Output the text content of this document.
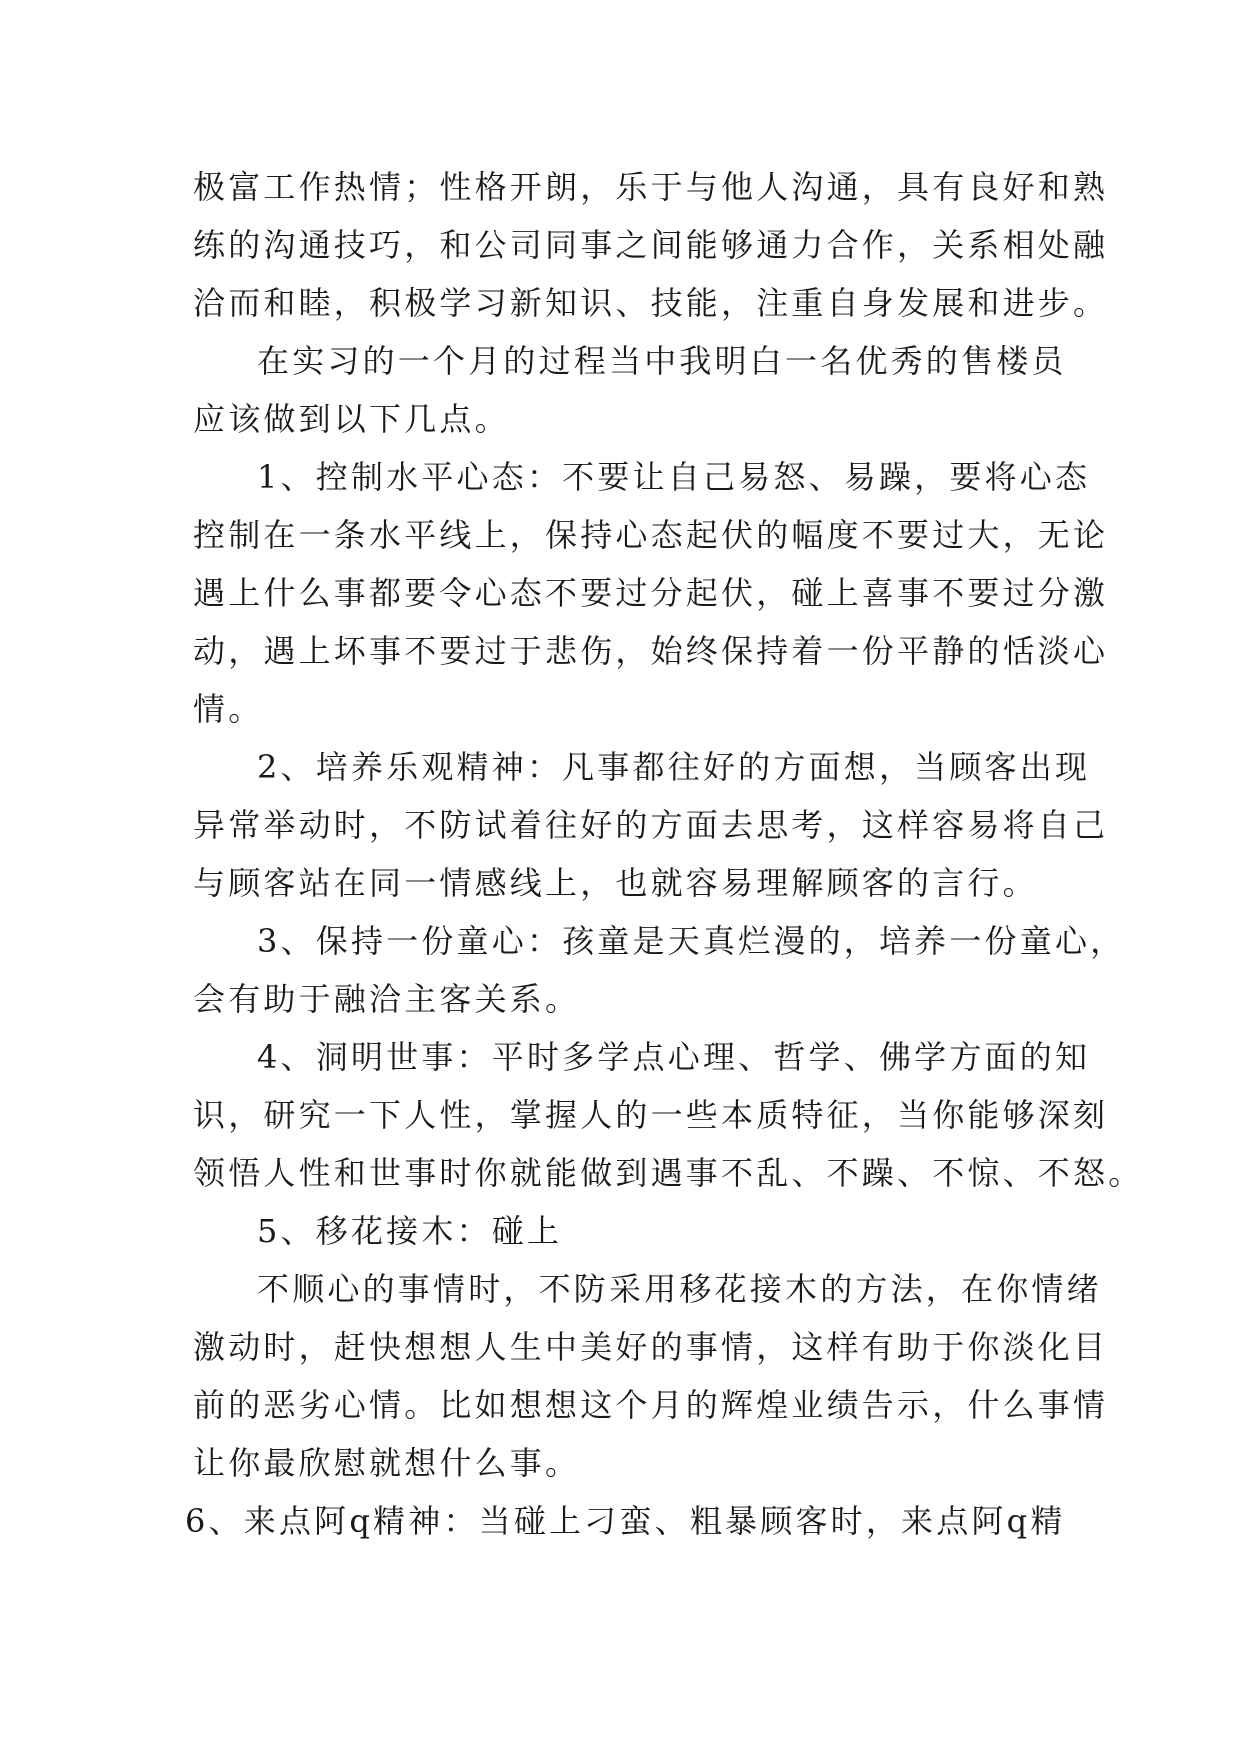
极富工作热情；性格开朗，乐于与他人沟通，具有良好和熟
练的沟通技巧，和公司同事之间能够通力合作，关系相处融
洽而和睦，积极学习新知识、技能，注重自身发展和进步。
在实习的一个月的过程当中我明白一名优秀的售楼员
应该做到以下几点。
1、控制水平心态：不要让自己易怒、易躁，要将心态
控制在一条水平线上，保持心态起伏的幅度不要过大，无论
遇上什么事都要令心态不要过分起伏，碰上喜事不要过分激
动，遇上坏事不要过于悲伤，始终保持着一份平静的恬淡心
情。
2、培养乐观精神：凡事都往好的方面想，当顾客出现
异常举动时，不防试着往好的方面去思考，这样容易将自己
与顾客站在同一情感线上，也就容易理解顾客的言行。
3、保持一份童心：孩童是天真烂漫的，培养一份童心，
会有助于融洽主客关系。
4、洞明世事：平时多学点心理、哲学、佛学方面的知
识，研究一下人性，掌握人的一些本质特征，当你能够深刻
领悟人性和世事时你就能做到遇事不乱、不躁、不惊、不怒。
5、移花接木：碰上
不顺心的事情时，不防采用移花接木的方法，在你情绪
激动时，赶快想想人生中美好的事情，这样有助于你淡化目
前的恶劣心情。比如想想这个月的辉煌业绩告示，什么事情
让你最欣慰就想什么事。
6、来点阿q精神：当碰上刁蛮、粗暴顾客时，来点阿q精
